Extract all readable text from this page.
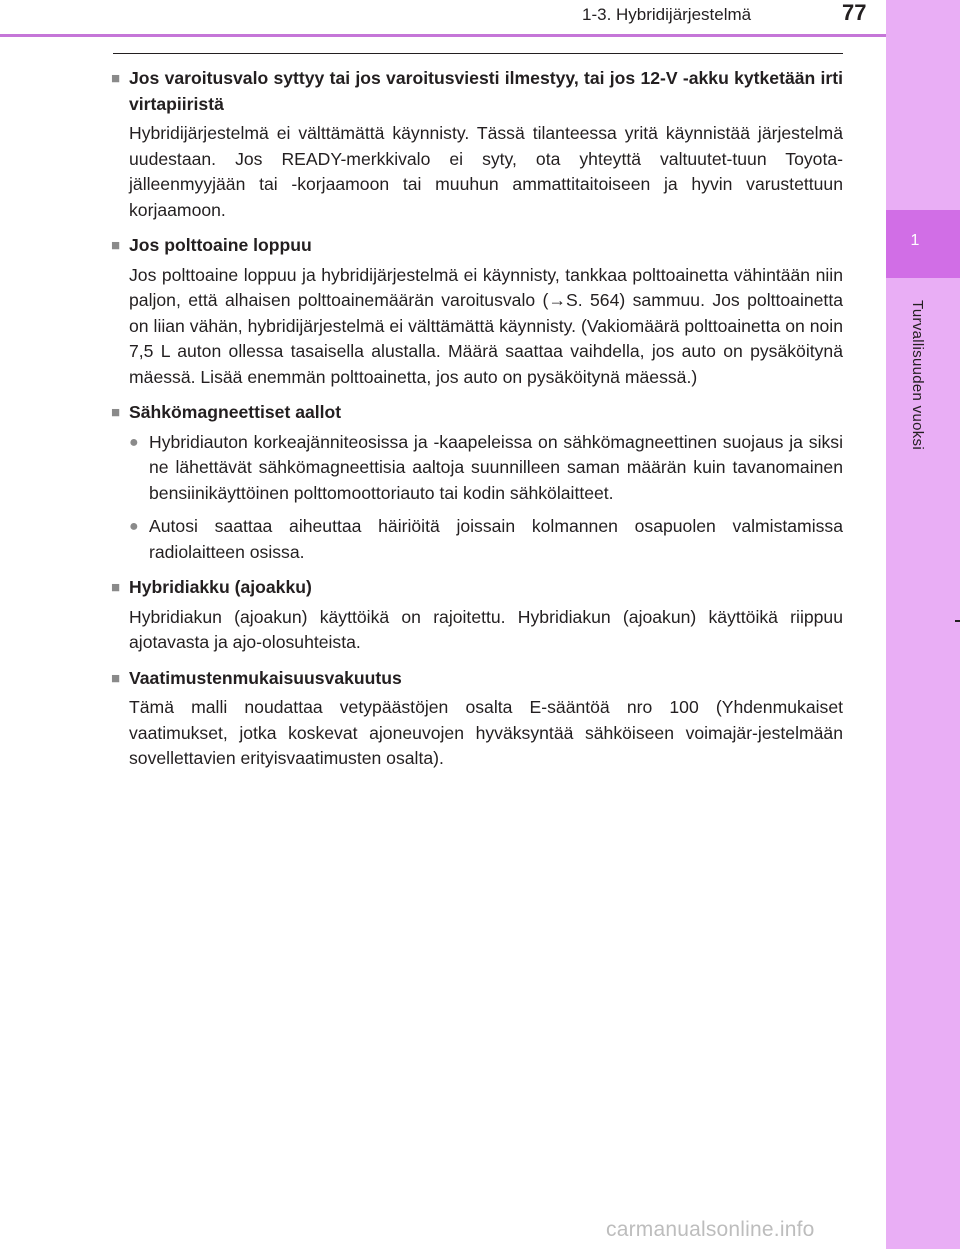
1
Turvallisuuden vuoksi
1-3. Hybridijärjestelmä	77
■ Jos varoitusvalo syttyy tai jos varoitusviesti ilmestyy, tai jos 12-V -akku kytketään irti virtapiiristä
Hybridijärjestelmä ei välttämättä käynnisty. Tässä tilanteessa yritä käynnistää järjestelmä uudestaan. Jos READY-merkkivalo ei syty, ota yhteyttä valtuutet-tuun Toyota-jälleenmyyjään tai -korjaamoon tai muuhun ammattitaitoiseen ja hyvin varustettuun korjaamoon.
■ Jos polttoaine loppuu
Jos polttoaine loppuu ja hybridijärjestelmä ei käynnisty, tankkaa polttoainetta vähintään niin paljon, että alhaisen polttoainemäärän varoitusvalo (→S. 564) sammuu. Jos polttoainetta on liian vähän, hybridijärjestelmä ei välttämättä käynnisty. (Vakiomäärä polttoainetta on noin 7,5 L auton ollessa tasaisella alustalla. Määrä saattaa vaihdella, jos auto on pysäköitynä mäessä. Lisää enemmän polttoainetta, jos auto on pysäköitynä mäessä.)
■ Sähkömagneettiset aallot
● Hybridiauton korkeajänniteosissa ja -kaapeleissa on sähkömagneettinen suojaus ja siksi ne lähettävät sähkömagneettisia aaltoja suunnilleen saman määrän kuin tavanomainen bensiinikäyttöinen polttomoottoriauto tai kodin sähkölaitteet.
● Autosi saattaa aiheuttaa häiriöitä joissain kolmannen osapuolen valmistamissa radiolaitteen osissa.
■ Hybridiakku (ajoakku)
Hybridiakun (ajoakun) käyttöikä on rajoitettu. Hybridiakun (ajoakun) käyttöikä riippuu ajotavasta ja ajo-olosuhteista.
■ Vaatimustenmukaisuusvakuutus
Tämä malli noudattaa vetypäästöjen osalta E-sääntöä nro 100 (Yhdenmukaiset vaatimukset, jotka koskevat ajoneuvojen hyväksyntää sähköiseen voimajär-jestelmään sovellettavien erityisvaatimusten osalta).
carmanualsonline.info
